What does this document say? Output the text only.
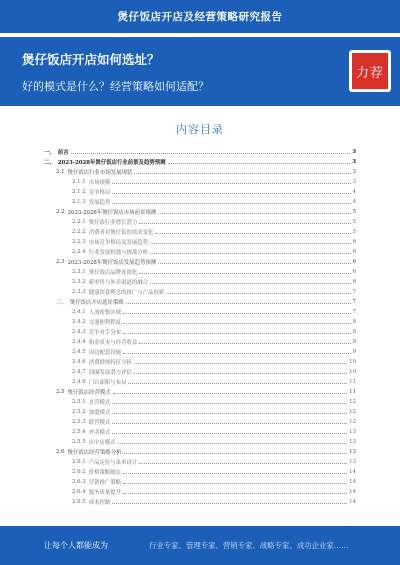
煲仔饭店开店及经营策略研究报告
煲仔饭店开店如何选址？
好的模式是什么？经营策略如何适配？
力荐
内容目录
一、 前言	3
二、 2023-2028年煲仔饭店行业前景及趋势预测	3
2.1 煲仔饭店行业市场发展现状	3
2.1.1 市场规模	3
2.1.2 竞争格局	4
2.1.3 发展趋势	4
2.2 2023-2028年煲仔饭店市场前景预测	5
2.2.1 煲仔饭行业增长潜力	5
2.2.2 消费者对煲仔饭的需求变化	5
2.2.3 市场竞争格局及发展趋势	6
2.2.4 行业发展机遇与挑战分析	6
2.3 2023-2028年煲仔饭店发展趋势预测	6
2.3.1 煲仔饭店品牌连锁化	6
2.3.2 新零售与外卖渠道的融合	6
2.3.3 健康饮食理念的推广与产品创新	7
三、 煲仔饭店开店选址策略	7
2.4.1 人流密集区域	7
2.4.2 交通便利程度	8
2.4.3 竞争对手分布	8
2.4.4 租金成本与经营收益	8
2.4.5 周边配套设施	9
2.4.6 消费群体特征分析	10
2.4.7 商圈发展潜力评估	10
2.4.8 门店面积与布局	11
2.5 煲仔饭店经营模式	11
2.5.1 直营模式	12
2.5.2 加盟模式	12
2.5.3 联营模式	12
2.5.4 外卖模式	13
2.5.5 店中店模式	13
2.6 煲仔饭店经营策略分析	13
2.6.1 产品定位与菜单设计	13
2.6.2 价格策略制定	14
2.6.3 营销推广策略	14
2.6.4 服务质量提升	14
2.6.5 成本控制	14
·
让每个人都能成为	行业专家、管理专家、营销专家、战略专家、成功企业家……
